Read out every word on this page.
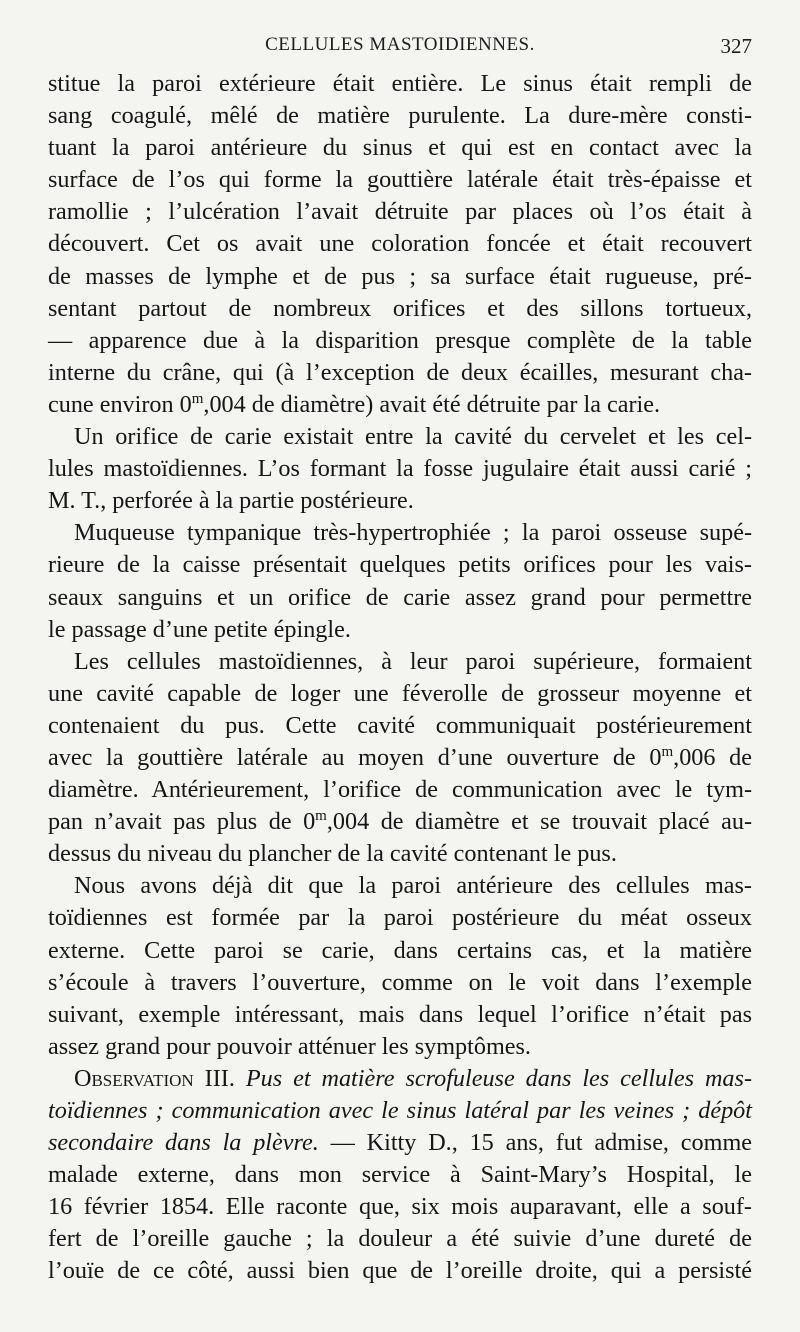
CELLULES MASTOIDIENNES.	327
stitue la paroi extérieure était entière. Le sinus était rempli de
sang coagulé, mêlé de matière purulente. La dure-mère consti-
tuant la paroi antérieure du sinus et qui est en contact avec la
surface de l’os qui forme la gouttière latérale était très-épaisse et
ramollie ; l’ulcération l’avait détruite par places où l’os était à
découvert. Cet os avait une coloration foncée et était recouvert
de masses de lymphe et de pus ; sa surface était rugueuse, pré-
sentant partout de nombreux orifices et des sillons tortueux,
— apparence due à la disparition presque complète de la table
interne du crâne, qui (à l’exception de deux écailles, mesurant cha-
cune environ 0$^m$,004 de diamètre) avait été détruite par la carie.
Un orifice de carie existait entre la cavité du cervelet et les cel-
lules mastoïdiennes. L’os formant la fosse jugulaire était aussi carié ;
M. T., perforée à la partie postérieure.
Muqueuse tympanique très-hypertrophiée ; la paroi osseuse supé-
rieure de la caisse présentait quelques petits orifices pour les vais-
seaux sanguins et un orifice de carie assez grand pour permettre
le passage d’une petite épingle.
Les cellules mastoïdiennes, à leur paroi supérieure, formaient
une cavité capable de loger une féverolle de grosseur moyenne et
contenaient du pus. Cette cavité communiquait postérieurement
avec la gouttière latérale au moyen d’une ouverture de 0$^m$,006 de
diamètre. Antérieurement, l’orifice de communication avec le tym-
pan n’avait pas plus de 0$^m$,004 de diamètre et se trouvait placé au-
dessus du niveau du plancher de la cavité contenant le pus.
Nous avons déjà dit que la paroi antérieure des cellules mas-
toïdiennes est formée par la paroi postérieure du méat osseux
externe. Cette paroi se carie, dans certains cas, et la matière
s’écoule à travers l’ouverture, comme on le voit dans l’exemple
suivant, exemple intéressant, mais dans lequel l’orifice n’était pas
assez grand pour pouvoir atténuer les symptômes.
Observation III. Pus et matière scrofuleuse dans les cellules mas-
toïdiennes ; communication avec le sinus latéral par les veines ; dépôt
secondaire dans la plèvre. — Kitty D., 15 ans, fut admise, comme
malade externe, dans mon service à Saint-Mary’s Hospital, le
16 février 1854. Elle raconte que, six mois auparavant, elle a souf-
fert de l’oreille gauche ; la douleur a été suivie d’une dureté de
l’ouïe de ce côté, aussi bien que de l’oreille droite, qui a persisté
